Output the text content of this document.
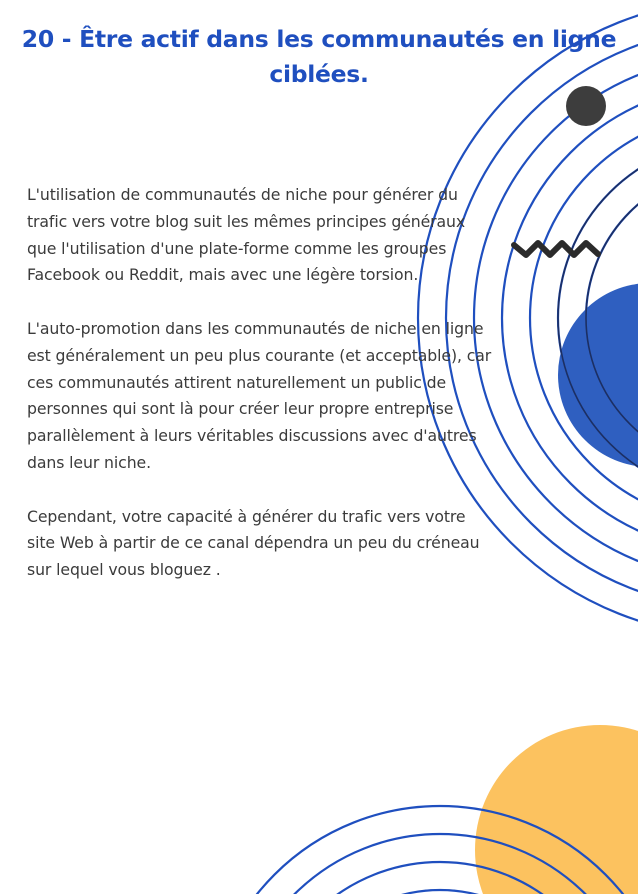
20 - Être actif dans les communautés en ligne ciblées.

L'utilisation de communautés de niche pour générer du trafic vers votre blog suit les mêmes principes généraux que l'utilisation d'une plate-forme comme les groupes Facebook ou Reddit, mais avec une légère torsion.

L'auto-promotion dans les communautés de niche en ligne est généralement un peu plus courante (et acceptable), car ces communautés attirent naturellement un public de personnes qui sont là pour créer leur propre entreprise parallèlement à leurs véritables discussions avec d'autres dans leur niche.

Cependant, votre capacité à générer du trafic vers votre site Web à partir de ce canal dépendra un peu du créneau sur lequel vous bloguez .
